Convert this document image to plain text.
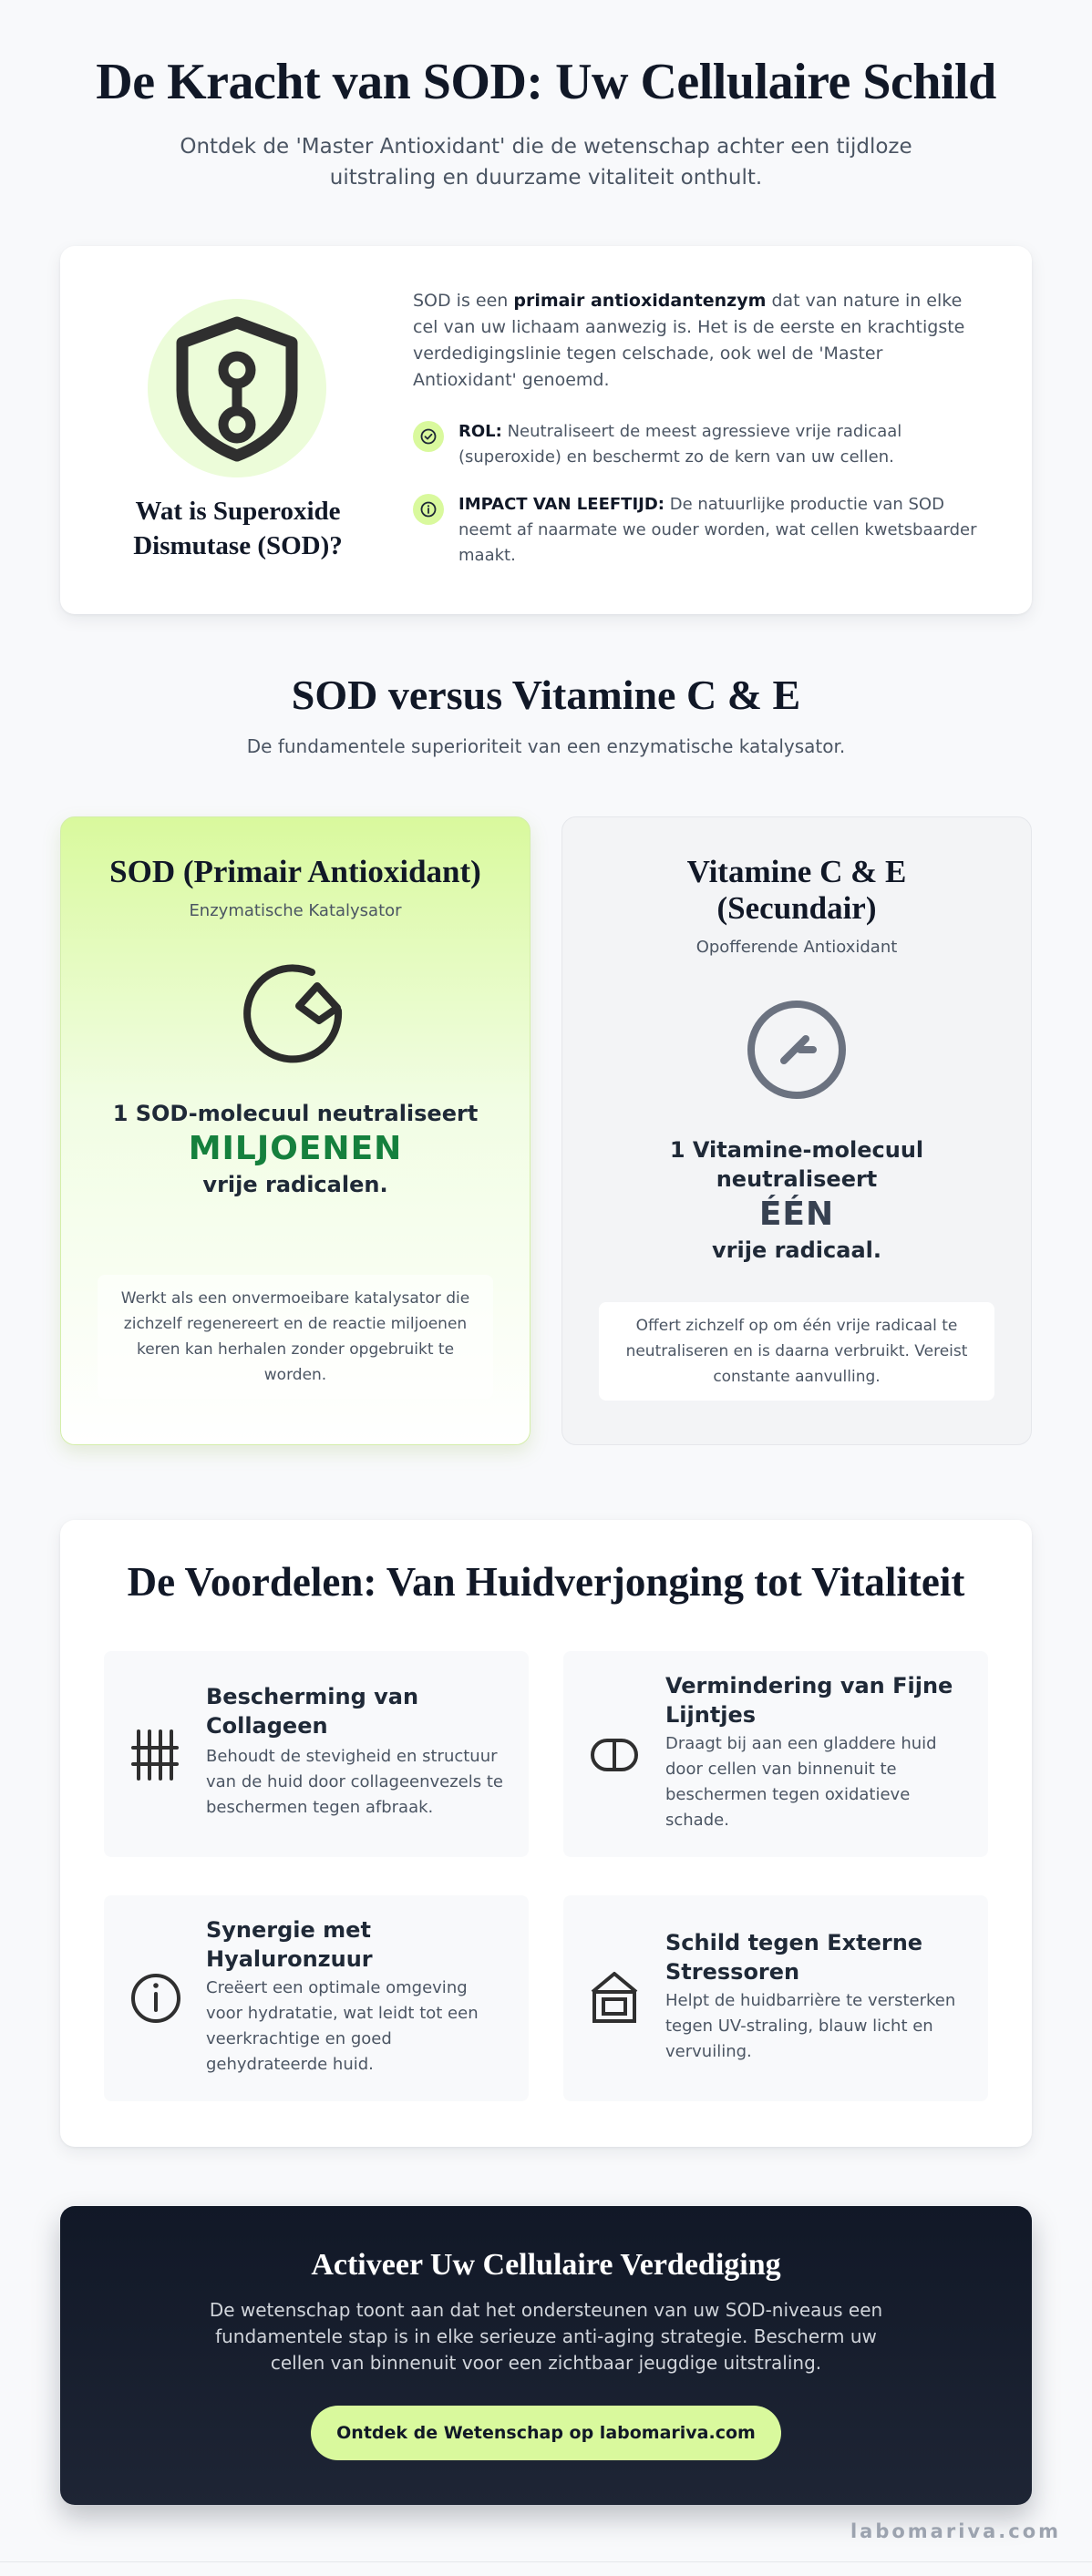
De Kracht van SOD: Uw Cellulaire Schild

Ontdek de 'Master Antioxidant' die de wetenschap achter een tijdloze uitstraling en duurzame vitaliteit onthult.

Wat is Superoxide Dismutase (SOD)?

SOD is een primair antioxidantenzym dat van nature in elke cel van uw lichaam aanwezig is. Het is de eerste en krachtigste verdedigingslinie tegen celschade, ook wel de 'Master Antioxidant' genoemd.

ROL: Neutraliseert de meest agressieve vrije radicaal (superoxide) en beschermt zo de kern van uw cellen.
IMPACT VAN LEEFTIJD: De natuurlijke productie van SOD neemt af naarmate we ouder worden, wat cellen kwetsbaarder maakt.
SOD versus Vitamine C & E

De fundamentele superioriteit van een enzymatische katalysator.

SOD (Primair Antioxidant)
Enzymatische Katalysator
1 SOD-molecuul neutraliseert
MILJOENEN
vrije radicalen.
Werkt als een onvermoeibare katalysator die zichzelf regenereert en de reactie miljoenen keren kan herhalen zonder opgebruikt te worden.
Vitamine C & E (Secundair)
Opofferende Antioxidant
1 Vitamine-molecuul neutraliseert
ÉÉN
vrije radicaal.
Offert zichzelf op om één vrije radicaal te neutraliseren en is daarna verbruikt. Vereist constante aanvulling.
De Voordelen: Van Huidverjonging tot Vitaliteit
Bescherming van Collageen
Behoudt de stevigheid en structuur van de huid door collageenvezels te beschermen tegen afbraak.
Vermindering van Fijne Lijntjes
Draagt bij aan een gladdere huid door cellen van binnenuit te beschermen tegen oxidatieve schade.
Synergie met Hyaluronzuur
Creëert een optimale omgeving voor hydratatie, wat leidt tot een veerkrachtige en goed gehydrateerde huid.
Schild tegen Externe Stressoren
Helpt de huidbarrière te versterken tegen UV-straling, blauw licht en vervuiling.
Activeer Uw Cellulaire Verdediging

De wetenschap toont aan dat het ondersteunen van uw SOD-niveaus een fundamentele stap is in elke serieuze anti-aging strategie. Bescherm uw cellen van binnenuit voor een zichtbaar jeugdige uitstraling.

Ontdek de Wetenschap op labomariva.com
labomariva.com
